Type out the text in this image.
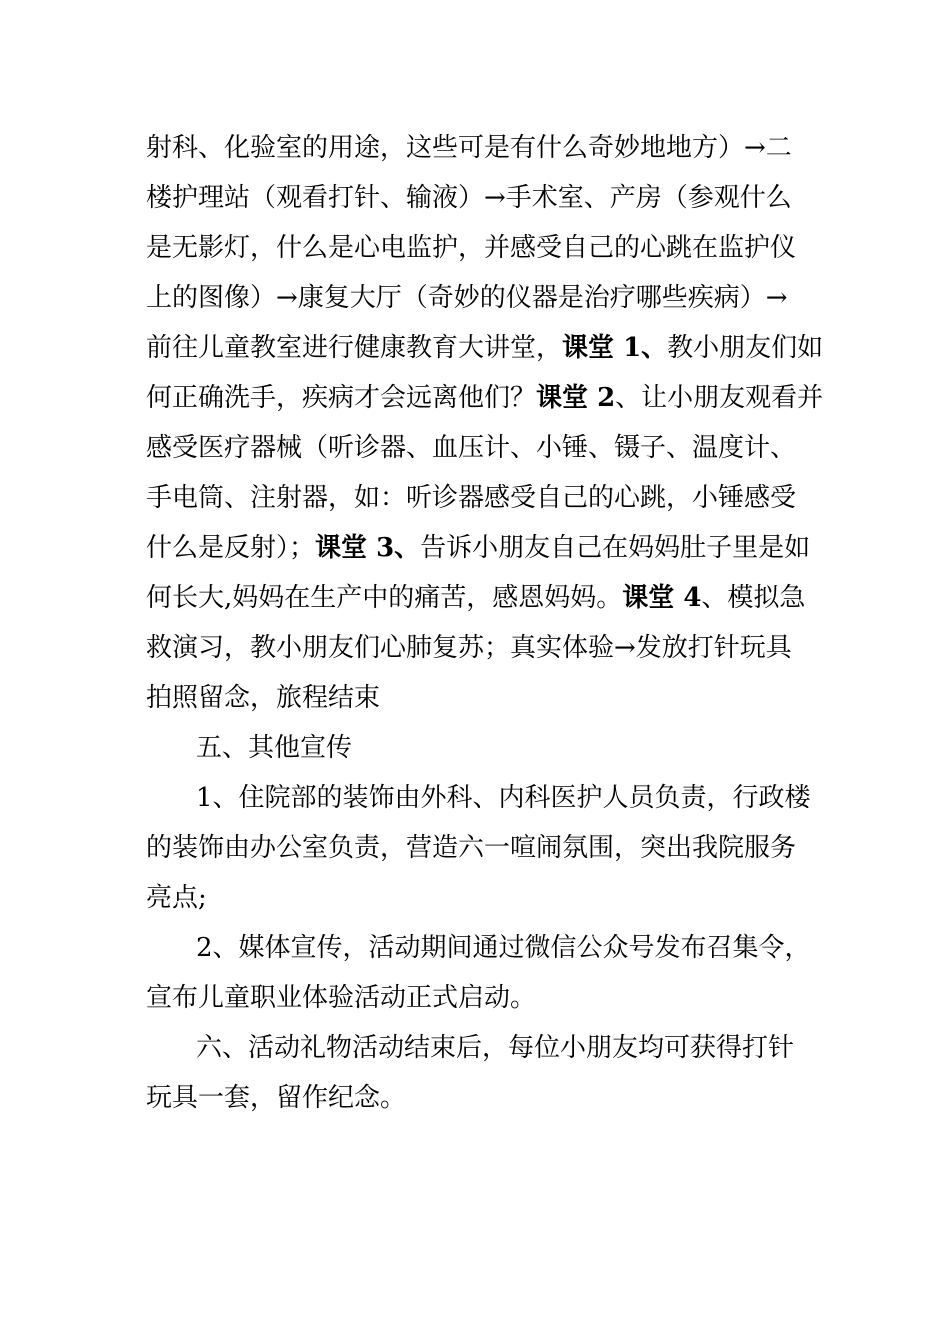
射科、化验室的用途，这些可是有什么奇妙地地方）→二
楼护理站（观看打针、输液）→手术室、产房（参观什么
是无影灯，什么是心电监护，并感受自己的心跳在监护仪
上的图像）→康复大厅（奇妙的仪器是治疗哪些疾病）→
前往儿童教室进行健康教育大讲堂，课堂 1、教小朋友们如
何正确洗手，疾病才会远离他们？课堂 2、让小朋友观看并
感受医疗器械（听诊器、血压计、小锤、镊子、温度计、
手电筒、注射器，如：听诊器感受自己的心跳，小锤感受
什么是反射）；课堂 3、告诉小朋友自己在妈妈肚子里是如
何长大,妈妈在生产中的痛苦，感恩妈妈。课堂 4、模拟急
救演习，教小朋友们心肺复苏；真实体验→发放打针玩具
拍照留念，旅程结束
五、其他宣传
1、住院部的装饰由外科、内科医护人员负责，行政楼
的装饰由办公室负责，营造六一喧闹氛围，突出我院服务
亮点;
2、媒体宣传，活动期间通过微信公众号发布召集令，
宣布儿童职业体验活动正式启动。
六、活动礼物活动结束后，每位小朋友均可获得打针
玩具一套，留作纪念。
